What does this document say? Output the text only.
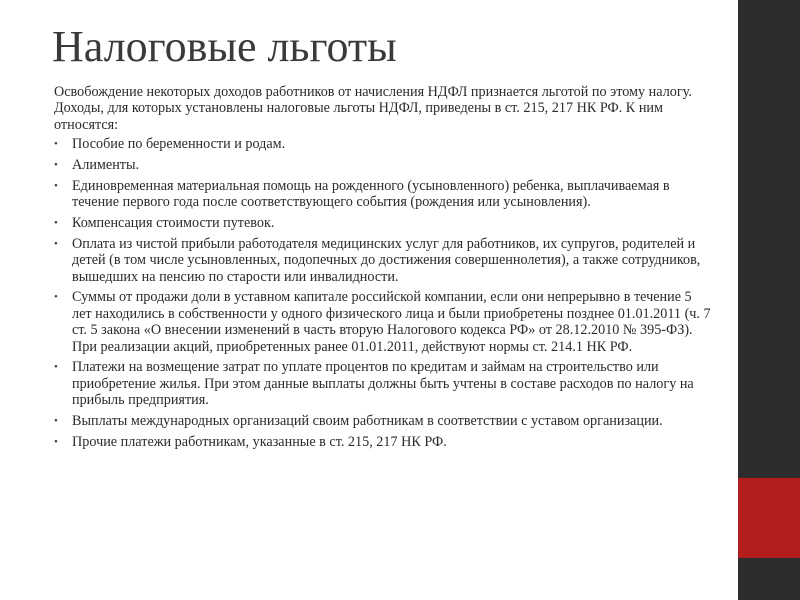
Налоговые льготы

Освобождение некоторых доходов работников от начисления НДФЛ признается льготой по этому налогу. Доходы, для которых установлены налоговые льготы НДФЛ, приведены в ст. 215, 217 НК РФ. К ним относятся:

• Пособие по беременности и родам.
• Алименты.
• Единовременная материальная помощь на рожденного (усыновленного) ребенка, выплачиваемая в течение первого года после соответствующего события (рождения или усыновления).
• Компенсация стоимости путевок.
• Оплата из чистой прибыли работодателя медицинских услуг для работников, их супругов, родителей и детей (в том числе усыновленных, подопечных до достижения совершеннолетия), а также сотрудников, вышедших на пенсию по старости или инвалидности.
• Суммы от продажи доли в уставном капитале российской компании, если они непрерывно в течение 5 лет находились в собственности у одного физического лица и были приобретены позднее 01.01.2011 (ч. 7 ст. 5 закона «О внесении изменений в часть вторую Налогового кодекса РФ» от 28.12.2010 № 395-ФЗ). При реализации акций, приобретенных ранее 01.01.2011, действуют нормы ст. 214.1 НК РФ.
• Платежи на возмещение затрат по уплате процентов по кредитам и займам на строительство или приобретение жилья. При этом данные выплаты должны быть учтены в составе расходов по налогу на прибыль предприятия.
• Выплаты международных организаций своим работникам в соответствии с уставом организации.
• Прочие платежи работникам, указанные в ст. 215, 217 НК РФ.
